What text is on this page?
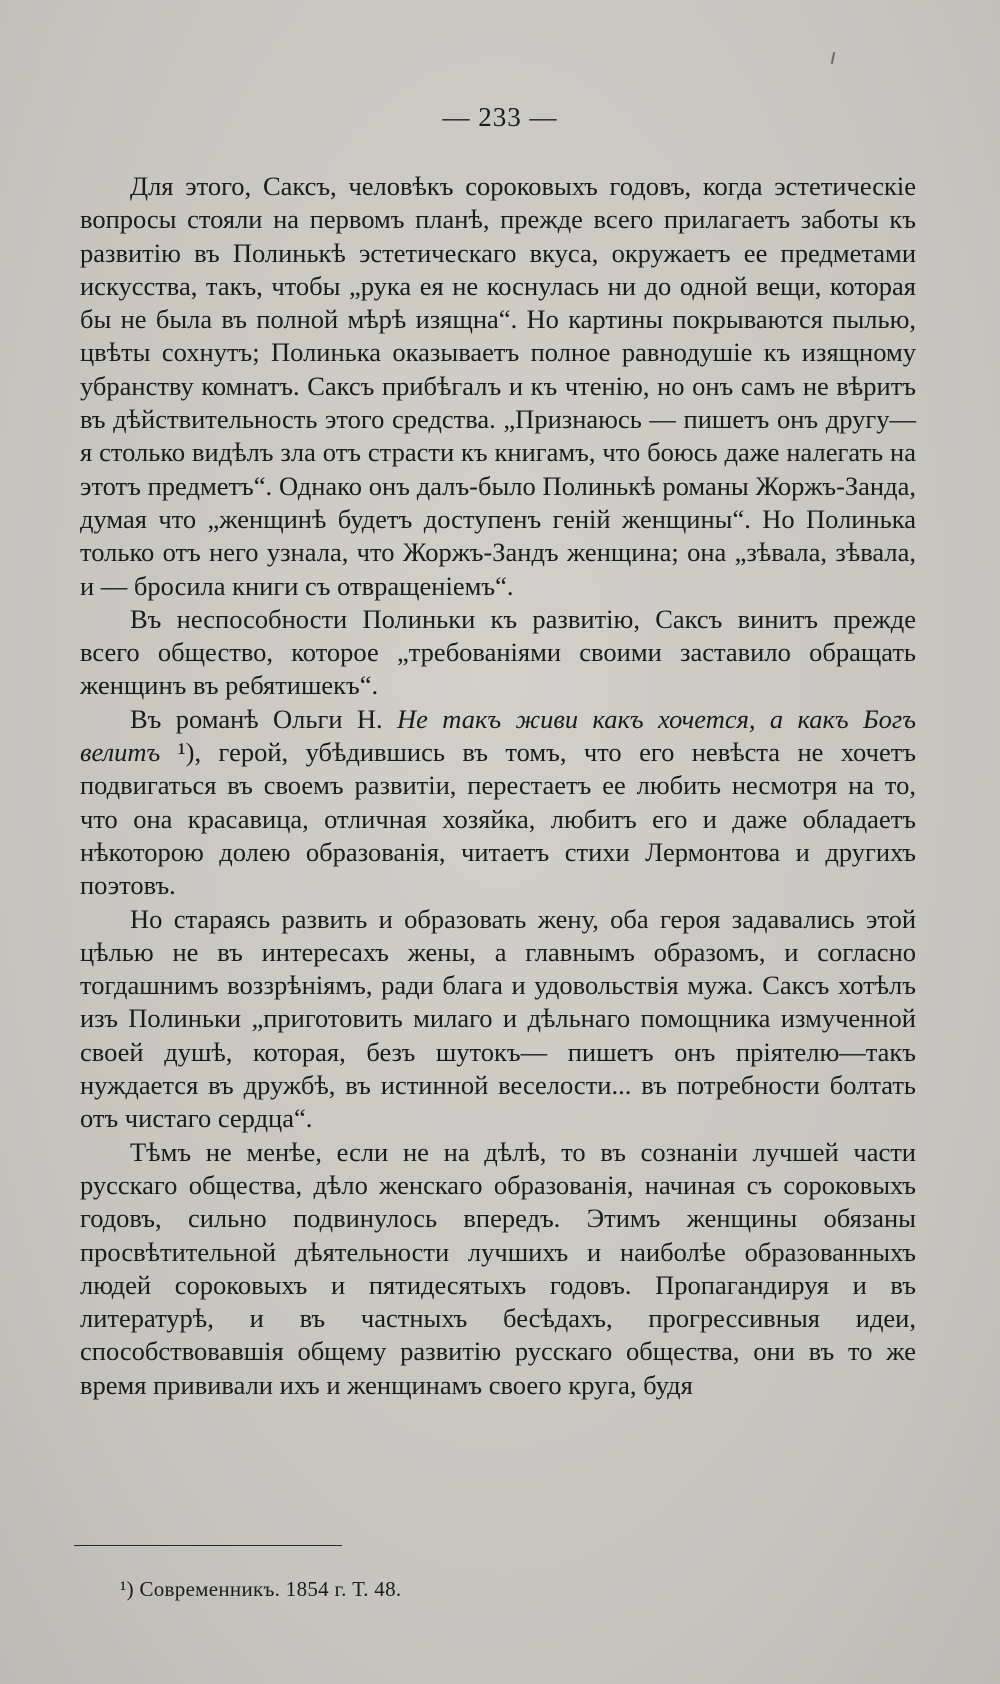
— 233 —

Для этого, Саксъ, человѣкъ сороковыхъ годовъ, когда эстетическіе вопросы стояли на первомъ планѣ, прежде всего прилагаетъ заботы къ развитію въ Полинькѣ эстетическаго вкуса, окружаетъ ее предметами искусства, такъ, чтобы „рука ея не коснулась ни до одной вещи, которая бы не была въ полной мѣрѣ изящна“. Но картины покрываются пылью, цвѣты сохнутъ; Полинька оказываетъ полное равнодушіе къ изящному убранству комнатъ. Саксъ прибѣгалъ и къ чтенію, но онъ самъ не вѣритъ въ дѣйствительность этого средства. „Признаюсь — пишетъ онъ другу—я столько видѣлъ зла отъ страсти къ книгамъ, что боюсь даже налегать на этотъ предметъ“. Однако онъ далъ-было Полинькѣ романы Жоржъ-Занда, думая что „женщинѣ будетъ доступенъ геній женщины“. Но Полинька только отъ него узнала, что Жоржъ-Зандъ женщина; она „зѣвала, зѣвала, и — бросила книги съ отвращеніемъ“.

Въ неспособности Полиньки къ развитію, Саксъ винитъ прежде всего общество, которое „требованіями своими заставило обращать женщинъ въ ребятишекъ“.

Въ романѣ Ольги Н. Не такъ живи какъ хочется, а какъ Богъ велитъ ¹), герой, убѣдившись въ томъ, что его невѣста не хочетъ подвигаться въ своемъ развитіи, перестаетъ ее любить несмотря на то, что она красавица, отличная хозяйка, любитъ его и даже обладаетъ нѣкоторою долею образованія, читаетъ стихи Лермонтова и другихъ поэтовъ.

Но стараясь развить и образовать жену, оба героя задавались этой цѣлью не въ интересахъ жены, а главнымъ образомъ, и согласно тогдашнимъ воззрѣніямъ, ради блага и удовольствія мужа. Саксъ хотѣлъ изъ Полиньки „приготовить милаго и дѣльнаго помощника измученной своей душѣ, которая, безъ шутокъ— пишетъ онъ пріятелю—такъ нуждается въ дружбѣ, въ истинной веселости... въ потребности болтать отъ чистаго сердца“.

Тѣмъ не менѣе, если не на дѣлѣ, то въ сознаніи лучшей части русскаго общества, дѣло женскаго образованія, начиная съ сороковыхъ годовъ, сильно подвинулось впередъ. Этимъ женщины обязаны просвѣтительной дѣятельности лучшихъ и наиболѣе образованныхъ людей сороковыхъ и пятидесятыхъ годовъ. Пропагандируя и въ литературѣ, и въ частныхъ бесѣдахъ, прогрессивныя идеи, способствовавшія общему развитію русскаго общества, они въ то же время прививали ихъ и женщинамъ своего круга, будя

¹) Современникъ. 1854 г. Т. 48.
